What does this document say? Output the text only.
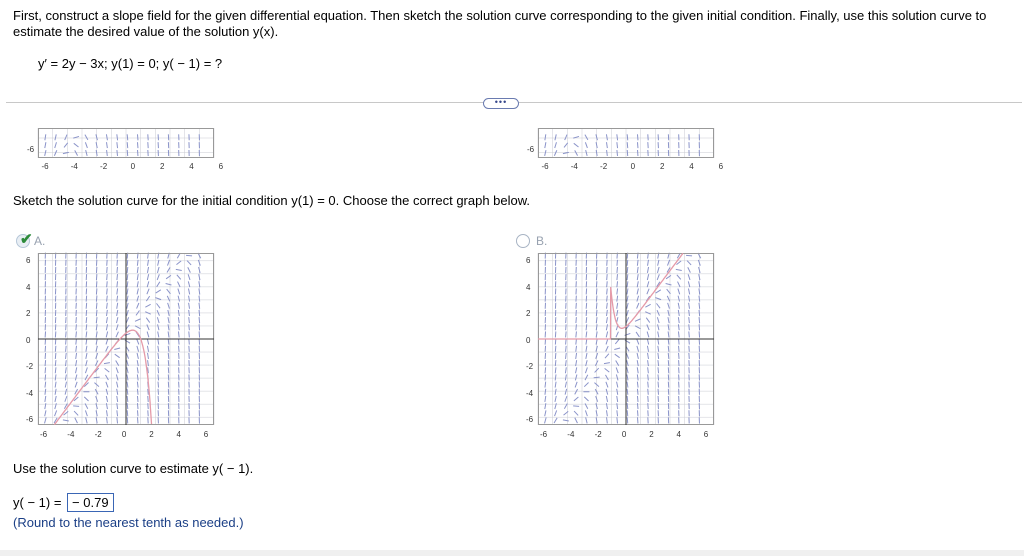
First, construct a slope field for the given differential equation. Then sketch the solution curve corresponding to the given initial condition. Finally, use this solution curve to estimate the desired value of the solution y(x).
y′ = 2y − 3x; y(1) = 0; y( − 1) = ?
•••
-6
-6	-4	-2	0	2	4	6
-6
-6	-4	-2	0	2	4	6
Sketch the solution curve for the initial condition y(1) = 0. Choose the correct graph below.
✔ A.	B.
Use the solution curve to estimate y( − 1).
y( − 1) = − 0.79
(Round to the nearest tenth as needed.)
6
4
2
0
-2
-4
-6
-6	-4	-2	0	2	4	6
6
4
2
0
-2
-4
-6
-6	-4	-2	0	2	4	6
